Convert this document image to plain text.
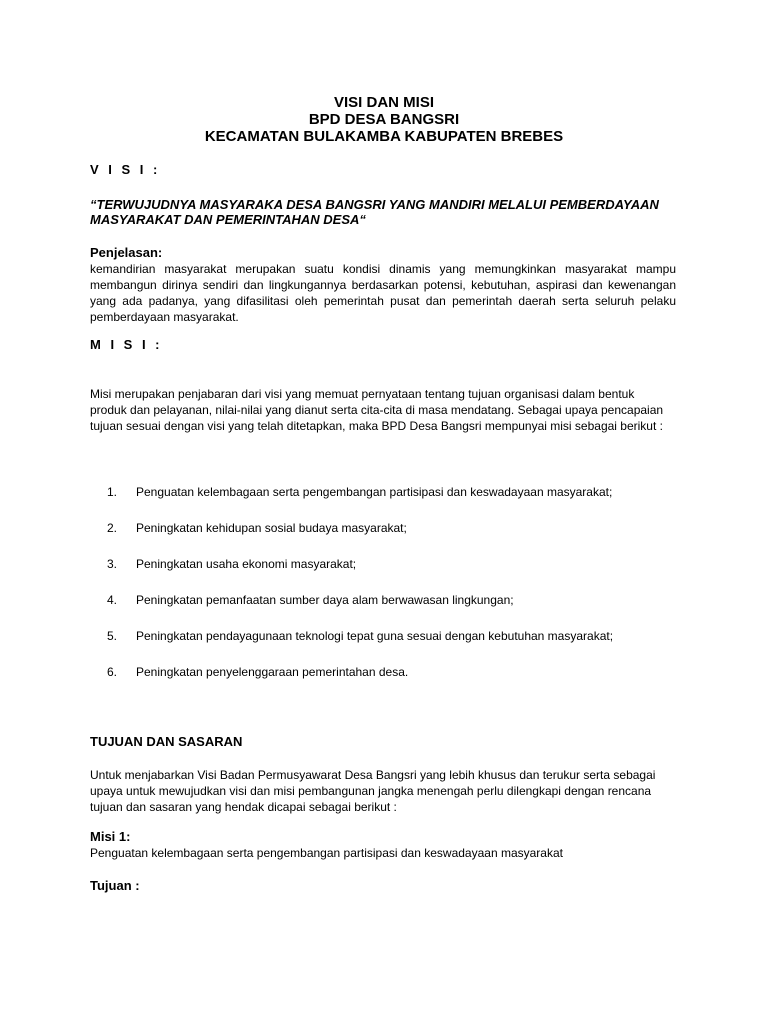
VISI DAN MISI
BPD DESA BANGSRI
KECAMATAN BULAKAMBA KABUPATEN BREBES
V I S I :
“TERWUJUDNYA MASYARAKA DESA BANGSRI YANG MANDIRI MELALUI PEMBERDAYAAN MASYARAKAT DAN PEMERINTAHAN DESA“
Penjelasan:
kemandirian masyarakat merupakan suatu kondisi dinamis yang memungkinkan masyarakat mampu membangun dirinya sendiri dan lingkungannya berdasarkan potensi, kebutuhan, aspirasi dan kewenangan yang ada padanya, yang difasilitasi oleh pemerintah pusat dan pemerintah daerah serta seluruh pelaku pemberdayaan masyarakat.
M I S I :
Misi merupakan penjabaran dari visi yang memuat pernyataan tentang tujuan organisasi dalam bentuk produk dan pelayanan, nilai-nilai yang dianut serta cita-cita di masa mendatang. Sebagai upaya pencapaian tujuan sesuai dengan visi yang telah ditetapkan, maka BPD Desa Bangsri mempunyai misi sebagai berikut :
1.	Penguatan kelembagaan serta pengembangan partisipasi dan keswadayaan masyarakat;
2.	Peningkatan kehidupan sosial budaya masyarakat;
3.	Peningkatan usaha ekonomi masyarakat;
4.	Peningkatan pemanfaatan sumber daya alam berwawasan lingkungan;
5.	Peningkatan pendayagunaan teknologi tepat guna sesuai dengan kebutuhan masyarakat;
6.	Peningkatan penyelenggaraan pemerintahan desa.
TUJUAN DAN SASARAN
Untuk menjabarkan Visi Badan Permusyawarat Desa Bangsri yang lebih khusus dan terukur serta sebagai upaya untuk mewujudkan visi dan misi pembangunan jangka menengah perlu dilengkapi dengan rencana tujuan dan sasaran yang hendak dicapai sebagai berikut :
Misi 1:
Penguatan kelembagaan serta pengembangan partisipasi dan keswadayaan masyarakat
Tujuan :
